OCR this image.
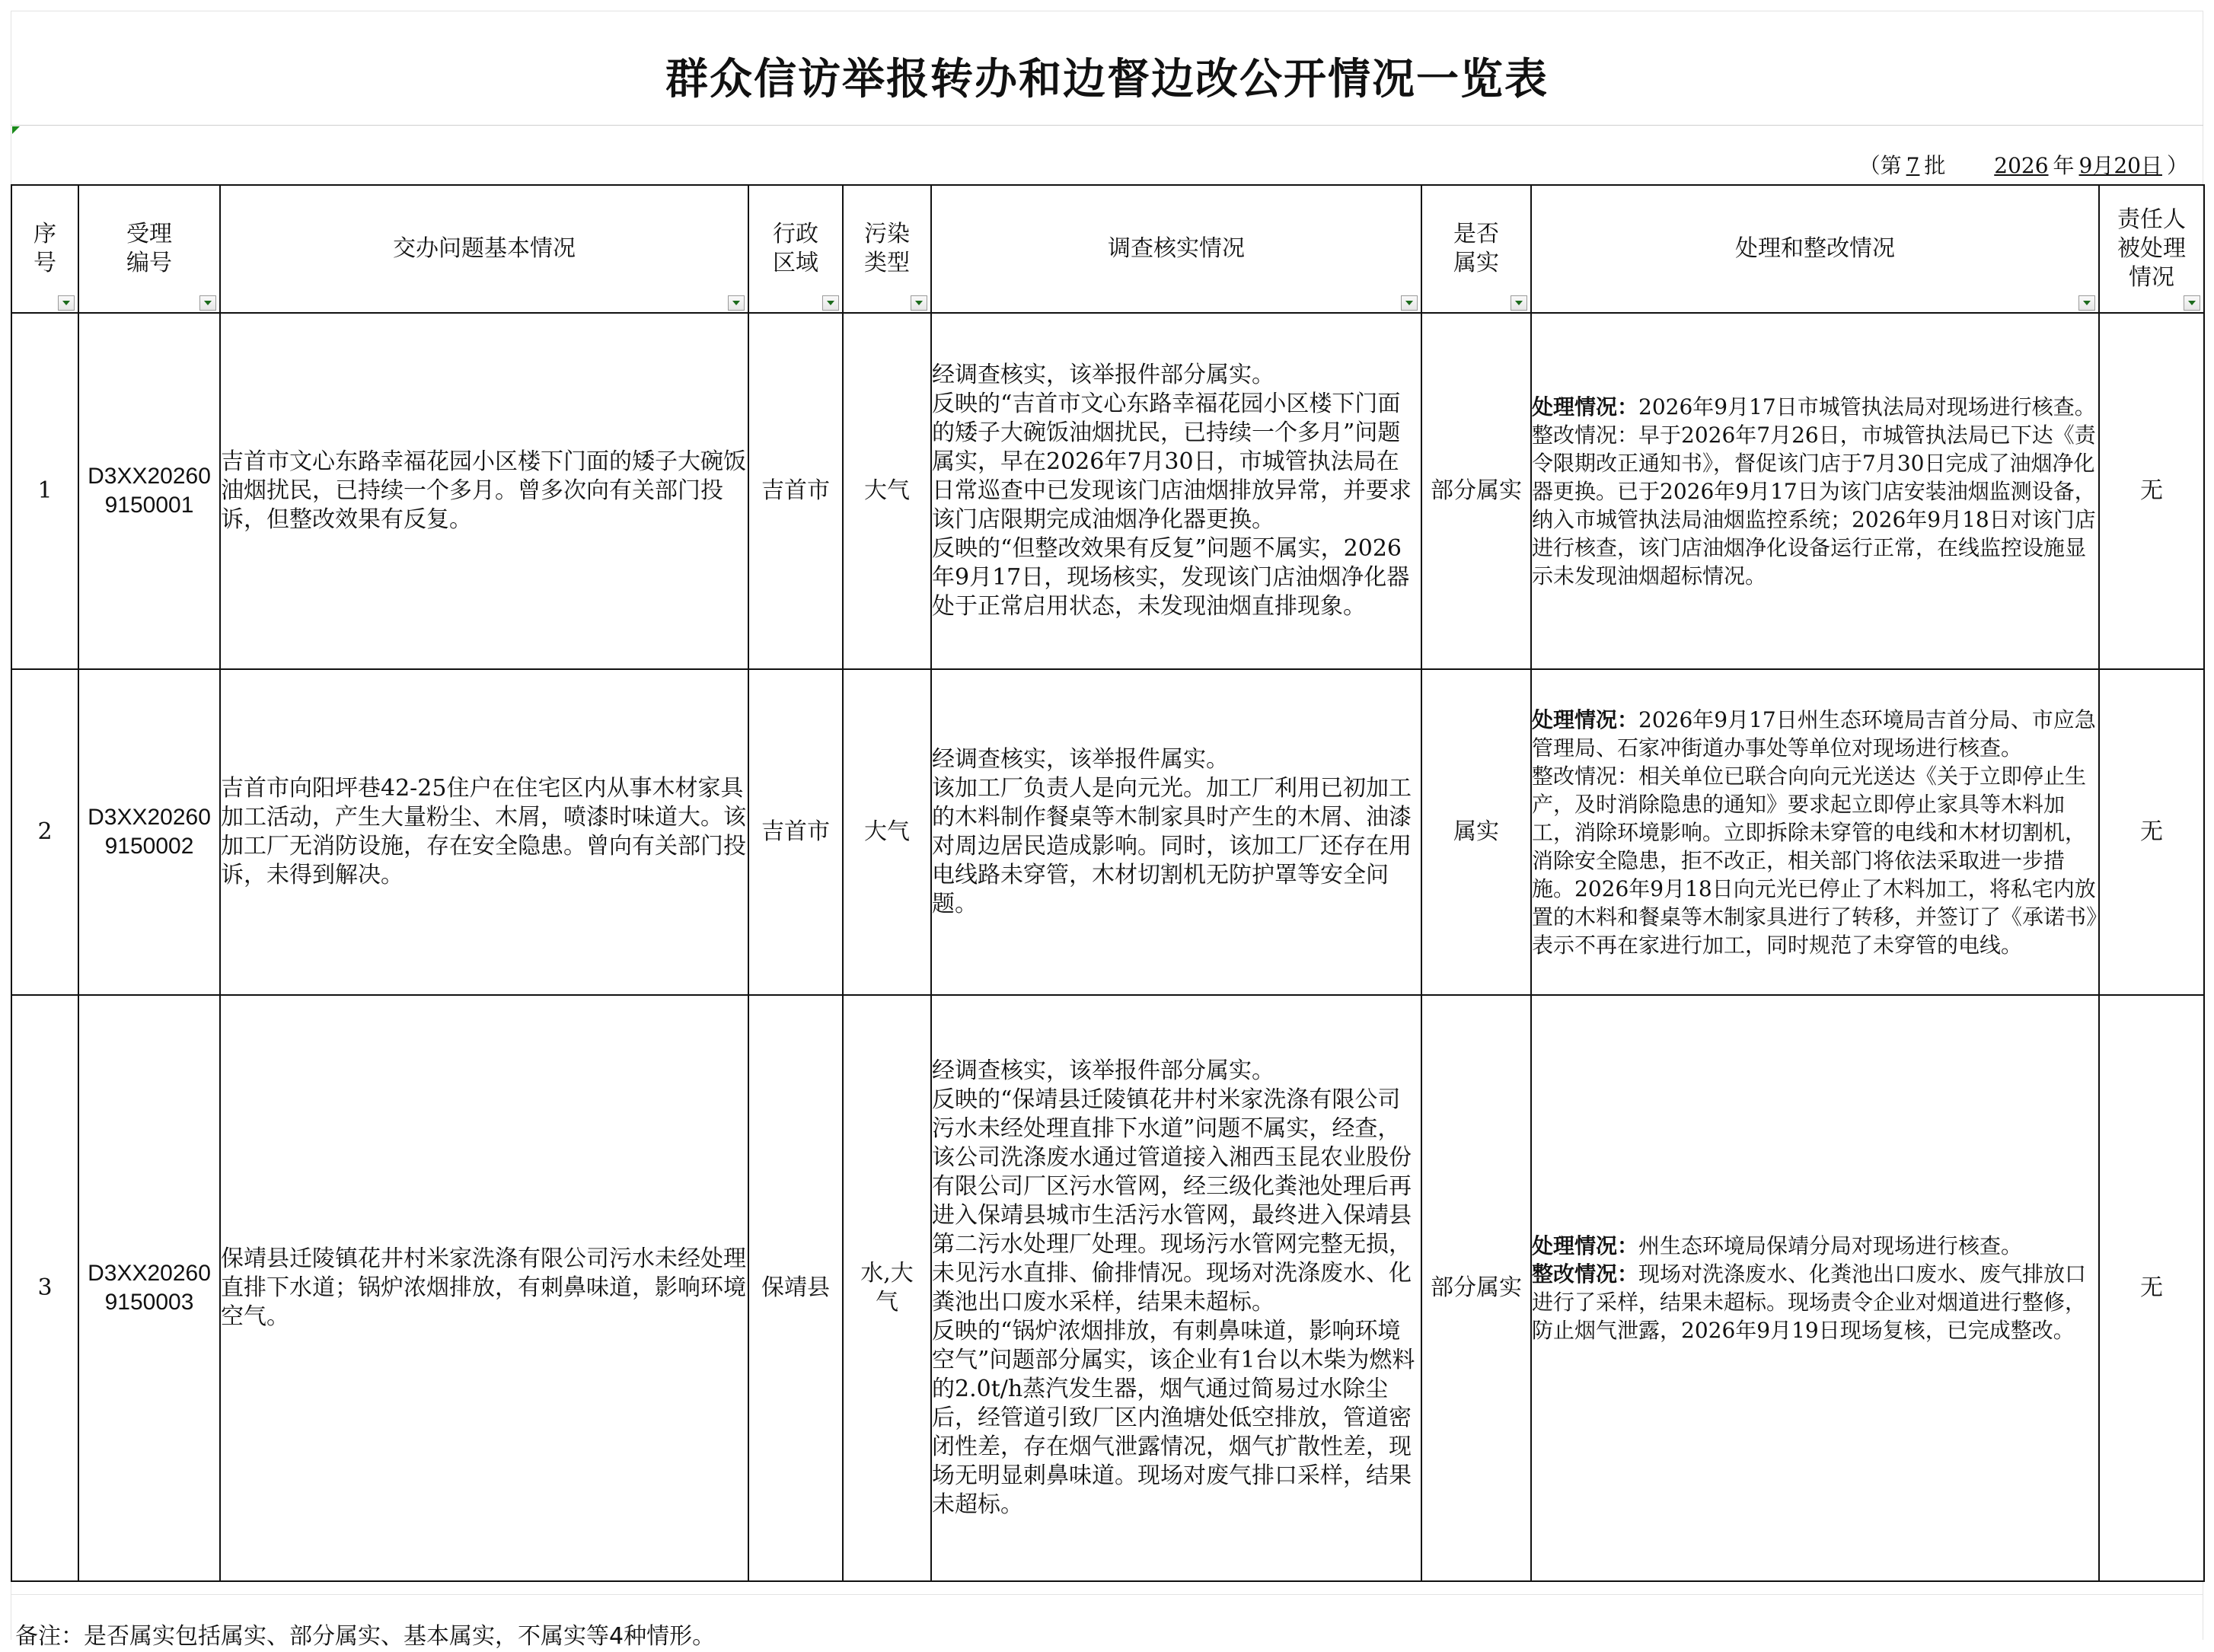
群众信访举报转办和边督边改公开情况一览表
（第 7 批 2026 年 9月20日 ）
序号	受理编号	交办问题基本情况	行政区域	污染类型	调查核实情况	是否属实	处理和整改情况	责任人被处理情况

1	D3XX202609150001	吉首市文心东路幸福花园小区楼下门面的矮子大碗饭油烟扰民，已持续一个多月。曾多次向有关部门投诉，但整改效果有反复。	吉首市	大气	经调查核实，该举报件部分属实。
反映的“吉首市文心东路幸福花园小区楼下门面的矮子大碗饭油烟扰民，已持续一个多月”问题属实，早在2026年7月30日，市城管执法局在日常巡查中已发现该门店油烟排放异常，并要求该门店限期完成油烟净化器更换。
反映的“但整改效果有反复”问题不属实，2026年9月17日，现场核实，发现该门店油烟净化器处于正常启用状态，未发现油烟直排现象。	部分属实	处理情况：2026年9月17日市城管执法局对现场进行核查。
整改情况：早于2026年7月26日，市城管执法局已下达《责令限期改正通知书》，督促该门店于7月30日完成了油烟净化器更换。已于2026年9月17日为该门店安装油烟监测设备，纳入市城管执法局油烟监控系统；2026年9月18日对该门店进行核查，该门店油烟净化设备运行正常，在线监控设施显示未发现油烟超标情况。	无
2	D3XX202609150002	吉首市向阳坪巷42-25住户在住宅区内从事木材家具加工活动，产生大量粉尘、木屑，喷漆时味道大。该加工厂无消防设施，存在安全隐患。曾向有关部门投诉，未得到解决。	吉首市	大气	经调查核实，该举报件属实。
该加工厂负责人是向元光。加工厂利用已初加工的木料制作餐桌等木制家具时产生的木屑、油漆对周边居民造成影响。同时，该加工厂还存在用电线路未穿管，木材切割机无防护罩等安全问题。	属实	处理情况：2026年9月17日州生态环境局吉首分局、市应急管理局、石家冲街道办事处等单位对现场进行核查。
整改情况：相关单位已联合向向元光送达《关于立即停止生产，及时消除隐患的通知》要求起立即停止家具等木料加工，消除环境影响。立即拆除未穿管的电线和木材切割机，消除安全隐患，拒不改正，相关部门将依法采取进一步措施。2026年9月18日向元光已停止了木料加工，将私宅内放置的木料和餐桌等木制家具进行了转移，并签订了《承诺书》表示不再在家进行加工，同时规范了未穿管的电线。	无
3	D3XX202609150003	保靖县迁陵镇花井村米家洗涤有限公司污水未经处理直排下水道；锅炉浓烟排放，有刺鼻味道，影响环境空气。	保靖县	水,大气	经调查核实，该举报件部分属实。
反映的“保靖县迁陵镇花井村米家洗涤有限公司污水未经处理直排下水道”问题不属实，经查，该公司洗涤废水通过管道接入湘西玉昆农业股份有限公司厂区污水管网，经三级化粪池处理后再进入保靖县城市生活污水管网，最终进入保靖县第二污水处理厂处理。现场污水管网完整无损，未见污水直排、偷排情况。现场对洗涤废水、化粪池出口废水采样，结果未超标。
反映的“锅炉浓烟排放，有刺鼻味道，影响环境空气”问题部分属实，该企业有1台以木柴为燃料的2.0t/h蒸汽发生器，烟气通过简易过水除尘后，经管道引致厂区内渔塘处低空排放，管道密闭性差，存在烟气泄露情况，烟气扩散性差，现场无明显刺鼻味道。现场对废气排口采样，结果未超标。	部分属实	处理情况：州生态环境局保靖分局对现场进行核查。
整改情况：现场对洗涤废水、化粪池出口废水、废气排放口进行了采样，结果未超标。现场责令企业对烟道进行整修，防止烟气泄露，2026年9月19日现场复核，已完成整改。	无
备注：是否属实包括属实、部分属实、基本属实，不属实等4种情形。
